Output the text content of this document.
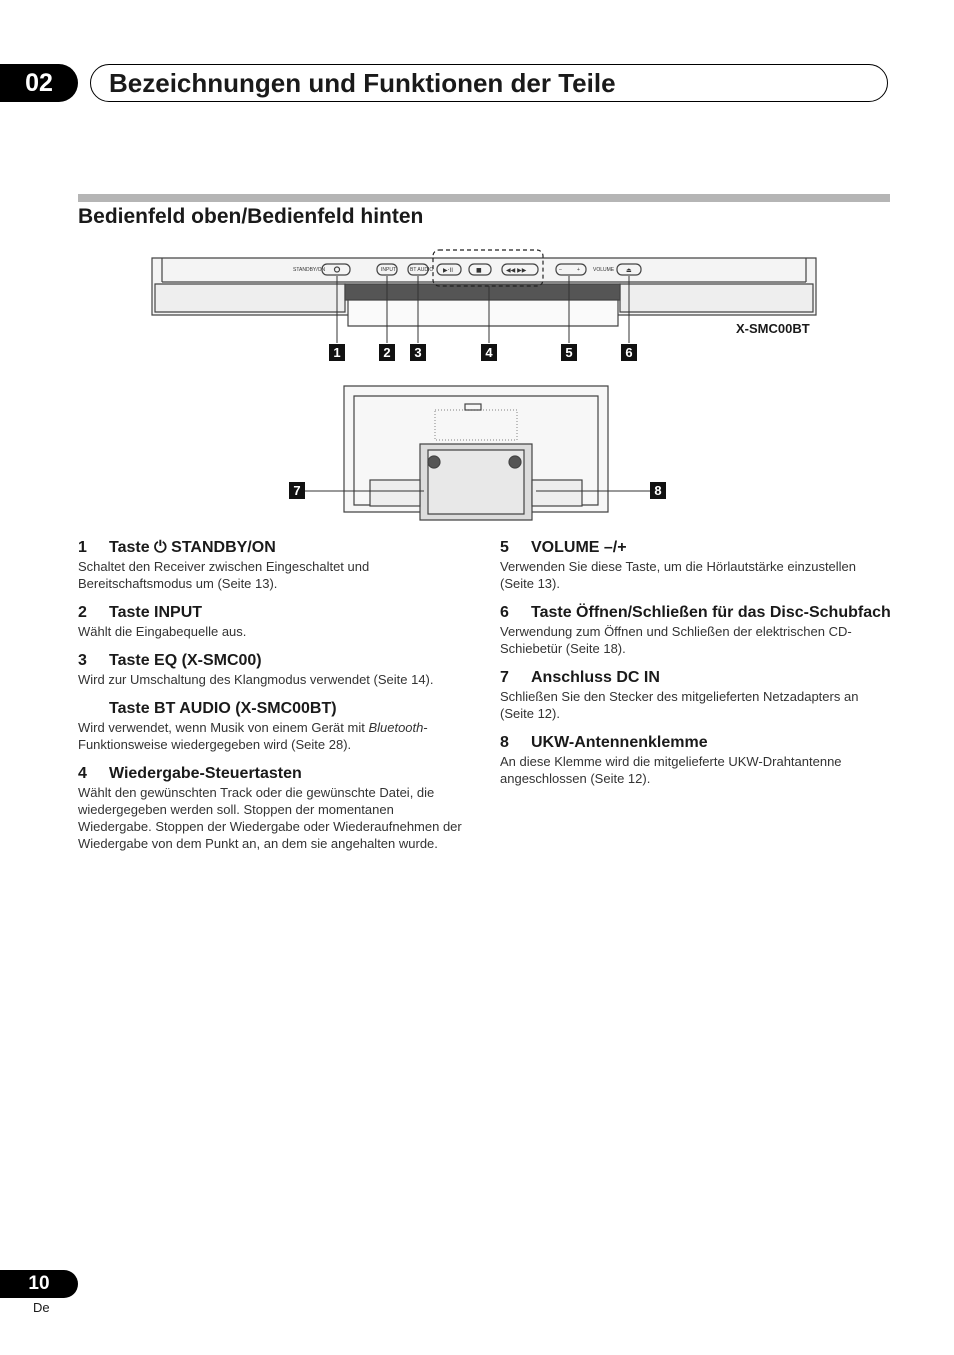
02	Bezeichnungen und Funktionen der Teile
Bedienfeld oben/Bedienfeld hinten
STANDBY/ON	INPUT	BT AUDIO	–	+	VOLUME
▶·II	■	◀◀ ▶▶	⏏
X-SMC00BT
1	2	3	4	5	6
7	8
1 Taste ⏻ STANDBY/ON

Schaltet den Receiver zwischen Eingeschaltet und Bereitschaftsmodus um (Seite 13).

2 Taste INPUT

Wählt die Eingabequelle aus.

3 Taste EQ (X-SMC00)

Wird zur Umschaltung des Klangmodus verwendet (Seite 14).

Taste BT AUDIO (X-SMC00BT)

Wird verwendet, wenn Musik von einem Gerät mit Bluetooth-Funktionsweise wiedergegeben wird (Seite 28).

4 Wiedergabe-Steuertasten

Wählt den gewünschten Track oder die gewünschte Datei, die wiedergegeben werden soll. Stoppen der momentanen Wiedergabe. Stoppen der Wiedergabe oder Wiederaufnehmen der Wiedergabe von dem Punkt an, an dem sie angehalten wurde.

5 VOLUME –/+

Verwenden Sie diese Taste, um die Hörlautstärke einzustellen (Seite 13).

6 Taste Öffnen/Schließen für das Disc-Schubfach

Verwendung zum Öffnen und Schließen der elektrischen CD-Schiebetür (Seite 18).

7 Anschluss DC IN

Schließen Sie den Stecker des mitgelieferten Netzadapters an (Seite 12).

8 UKW-Antennenklemme

An diese Klemme wird die mitgelieferte UKW-Drahtantenne angeschlossen (Seite 12).

10
De
